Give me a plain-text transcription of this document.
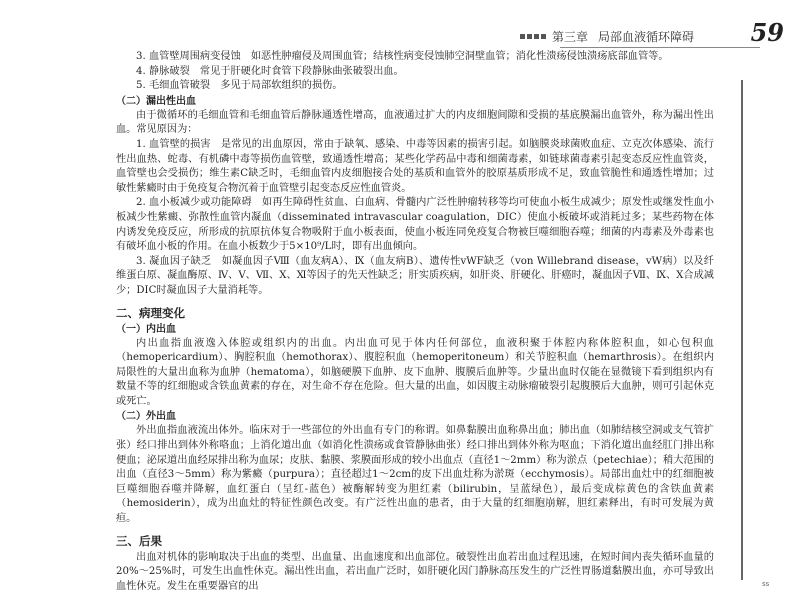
第三章 局部血液循环障碍 59

3. 血管壁周围病变侵蚀　如恶性肿瘤侵及周围血管；结核性病变侵蚀肺空洞壁血管；消化性溃疡侵蚀溃疡底部血管等。

4. 静脉破裂　常见于肝硬化时食管下段静脉曲张破裂出血。

5. 毛细血管破裂　多见于局部软组织的损伤。

（二）漏出性出血

由于微循环的毛细血管和毛细血管后静脉通透性增高，血液通过扩大的内皮细胞间隙和受损的基底膜漏出血管外，称为漏出性出血。常见原因为：

1. 血管壁的损害　是常见的出血原因，常由于缺氧、感染、中毒等因素的损害引起。如脑膜炎球菌败血症、立克次体感染、流行性出血热、蛇毒、有机磷中毒等损伤血管壁，致通透性增高；某些化学药品中毒和细菌毒素，如链球菌毒素引起变态反应性血管炎，血管壁也会受损伤；维生素C缺乏时，毛细血管内皮细胞接合处的基质和血管外的胶原基质形成不足，致血管脆性和通透性增加；过敏性紫癜时由于免疫复合物沉着于血管壁引起变态反应性血管炎。

2. 血小板减少或功能障碍　如再生障碍性贫血、白血病、骨髓内广泛性肿瘤转移等均可使血小板生成减少；原发性或继发性血小板减少性紫癜、弥散性血管内凝血（disseminated intravascular coagulation，DIC）使血小板破坏或消耗过多；某些药物在体内诱发免疫反应，所形成的抗原抗体复合物吸附于血小板表面，使血小板连同免疫复合物被巨噬细胞吞噬；细菌的内毒素及外毒素也有破坏血小板的作用。在血小板数少于5×10⁹/L时，即有出血倾向。

3. 凝血因子缺乏　如凝血因子Ⅷ（血友病A）、Ⅸ（血友病B）、遗传性vWF缺乏（von Willebrand disease，vW病）以及纤维蛋白原、凝血酶原、Ⅳ、Ⅴ、Ⅶ、Ⅹ、Ⅺ等因子的先天性缺乏；肝实质疾病，如肝炎、肝硬化、肝癌时，凝血因子Ⅶ、Ⅸ、Ⅹ合成减少；DIC时凝血因子大量消耗等。

二、病理变化
（一）内出血

内出血指血液逸入体腔或组织内的出血。内出血可见于体内任何部位，血液积聚于体腔内称体腔积血，如心包积血（hemopericardium）、胸腔积血（hemothorax）、腹腔积血（hemoperitoneum）和关节腔积血（hemarthrosis）。在组织内局限性的大量出血称为血肿（hematoma），如脑硬膜下血肿、皮下血肿、腹膜后血肿等。少量出血时仅能在显微镜下看到组织内有数量不等的红细胞或含铁血黄素的存在，对生命不存在危险。但大量的出血，如因腹主动脉瘤破裂引起腹膜后大血肿，则可引起休克或死亡。

（二）外出血

外出血指血液流出体外。临床对于一些部位的外出血有专门的称谓。如鼻黏膜出血称鼻出血；肺出血（如肺结核空洞或支气管扩张）经口排出到体外称咯血；上消化道出血（如消化性溃疡或食管静脉曲张）经口排出到体外称为呕血；下消化道出血经肛门排出称便血；泌尿道出血经尿排出称为血尿；皮肤、黏膜、浆膜面形成的较小出血点（直径1～2mm）称为淤点（petechiae）；稍大范围的出血（直径3～5mm）称为紫癜（purpura）；直径超过1～2cm的皮下出血灶称为淤斑（ecchymosis）。局部出血灶中的红细胞被巨噬细胞吞噬并降解，血红蛋白（呈红-蓝色）被酶解转变为胆红素（bilirubin，呈蓝绿色），最后变成棕黄色的含铁血黄素（hemosiderin），成为出血灶的特征性颜色改变。有广泛性出血的患者，由于大量的红细胞崩解，胆红素释出，有时可发展为黄疸。

三、后果

出血对机体的影响取决于出血的类型、出血量、出血速度和出血部位。破裂性出血若出血过程迅速，在短时间内丧失循环血量的20%～25%时，可发生出血性休克。漏出性出血，若出血广泛时，如肝硬化因门静脉高压发生的广泛性胃肠道黏膜出血，亦可导致出血性休克。发生在重要器官的出	ss
